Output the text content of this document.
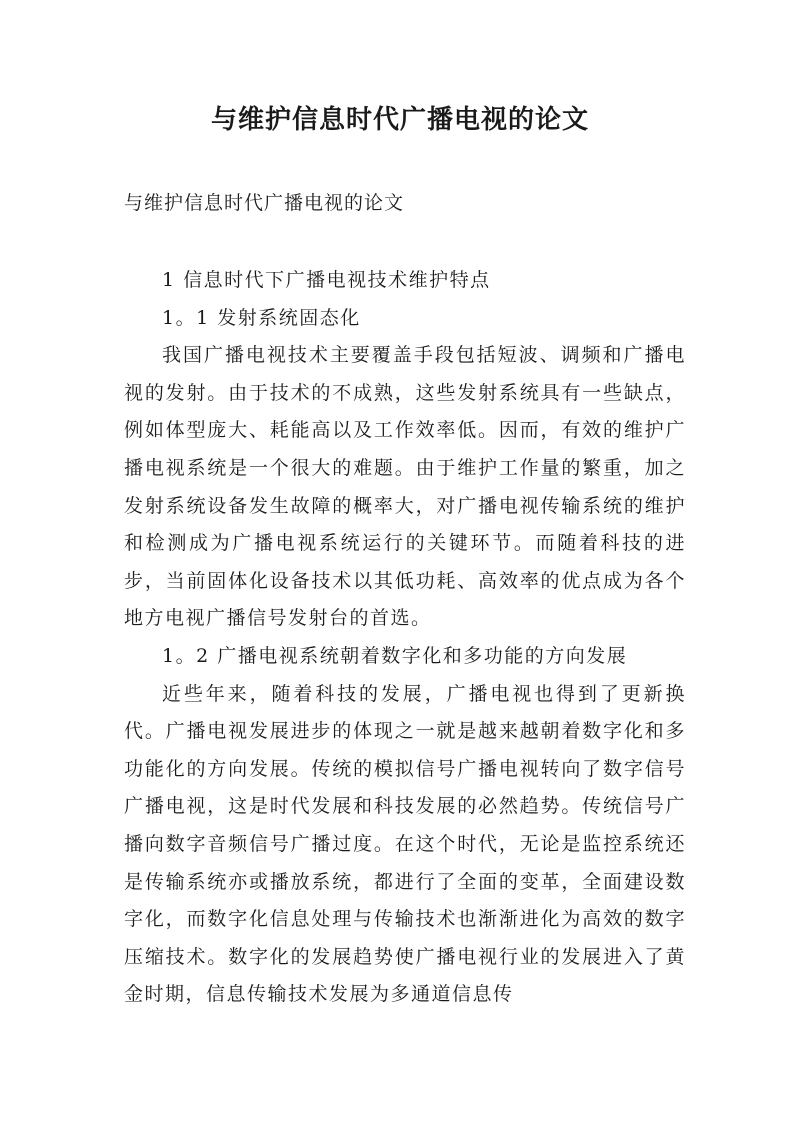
与维护信息时代广播电视的论文
与维护信息时代广播电视的论文

1 信息时代下广播电视技术维护特点

1。1 发射系统固态化

我国广播电视技术主要覆盖手段包括短波、调频和广播电视的发射。由于技术的不成熟，这些发射系统具有一些缺点，例如体型庞大、耗能高以及工作效率低。因而，有效的维护广播电视系统是一个很大的难题。由于维护工作量的繁重，加之发射系统设备发生故障的概率大，对广播电视传输系统的维护和检测成为广播电视系统运行的关键环节。而随着科技的进步，当前固体化设备技术以其低功耗、高效率的优点成为各个地方电视广播信号发射台的首选。

1。2 广播电视系统朝着数字化和多功能的方向发展

近些年来，随着科技的发展，广播电视也得到了更新换代。广播电视发展进步的体现之一就是越来越朝着数字化和多功能化的方向发展。传统的模拟信号广播电视转向了数字信号广播电视，这是时代发展和科技发展的必然趋势。传统信号广播向数字音频信号广播过度。在这个时代，无论是监控系统还是传输系统亦或播放系统，都进行了全面的变革，全面建设数字化，而数字化信息处理与传输技术也渐渐进化为高效的数字压缩技术。数字化的发展趋势使广播电视行业的发展进入了黄金时期，信息传输技术发展为多通道信息传
